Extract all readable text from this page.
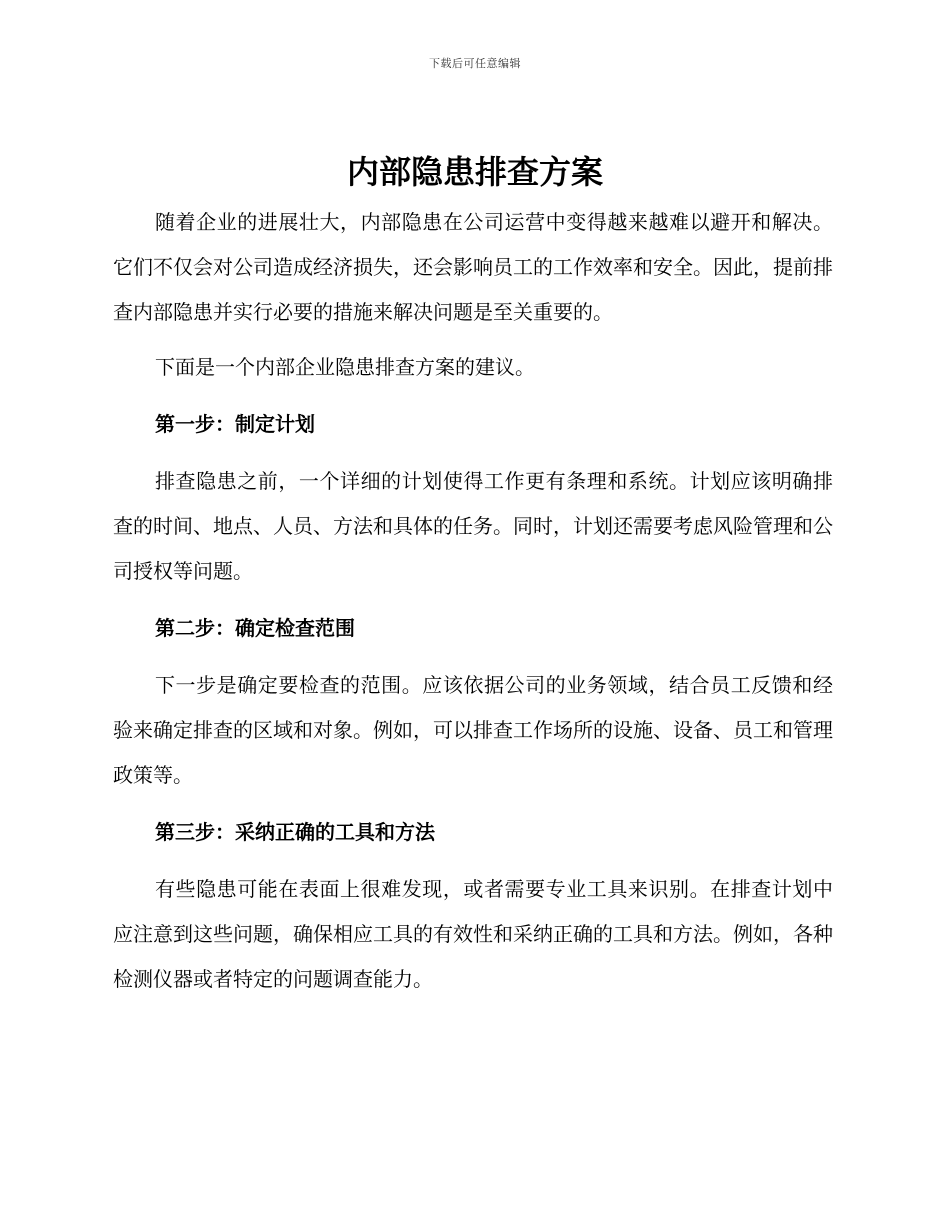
下载后可任意编辑
内部隐患排查方案

随着企业的进展壮大，内部隐患在公司运营中变得越来越难以避开和解决。它们不仅会对公司造成经济损失，还会影响员工的工作效率和安全。因此，提前排查内部隐患并实行必要的措施来解决问题是至关重要的。

下面是一个内部企业隐患排查方案的建议。

第一步：制定计划

排查隐患之前，一个详细的计划使得工作更有条理和系统。计划应该明确排查的时间、地点、人员、方法和具体的任务。同时，计划还需要考虑风险管理和公司授权等问题。

第二步：确定检查范围

下一步是确定要检查的范围。应该依据公司的业务领域，结合员工反馈和经验来确定排查的区域和对象。例如，可以排查工作场所的设施、设备、员工和管理政策等。

第三步：采纳正确的工具和方法

有些隐患可能在表面上很难发现，或者需要专业工具来识别。在排查计划中应注意到这些问题，确保相应工具的有效性和采纳正确的工具和方法。例如，各种检测仪器或者特定的问题调查能力。
